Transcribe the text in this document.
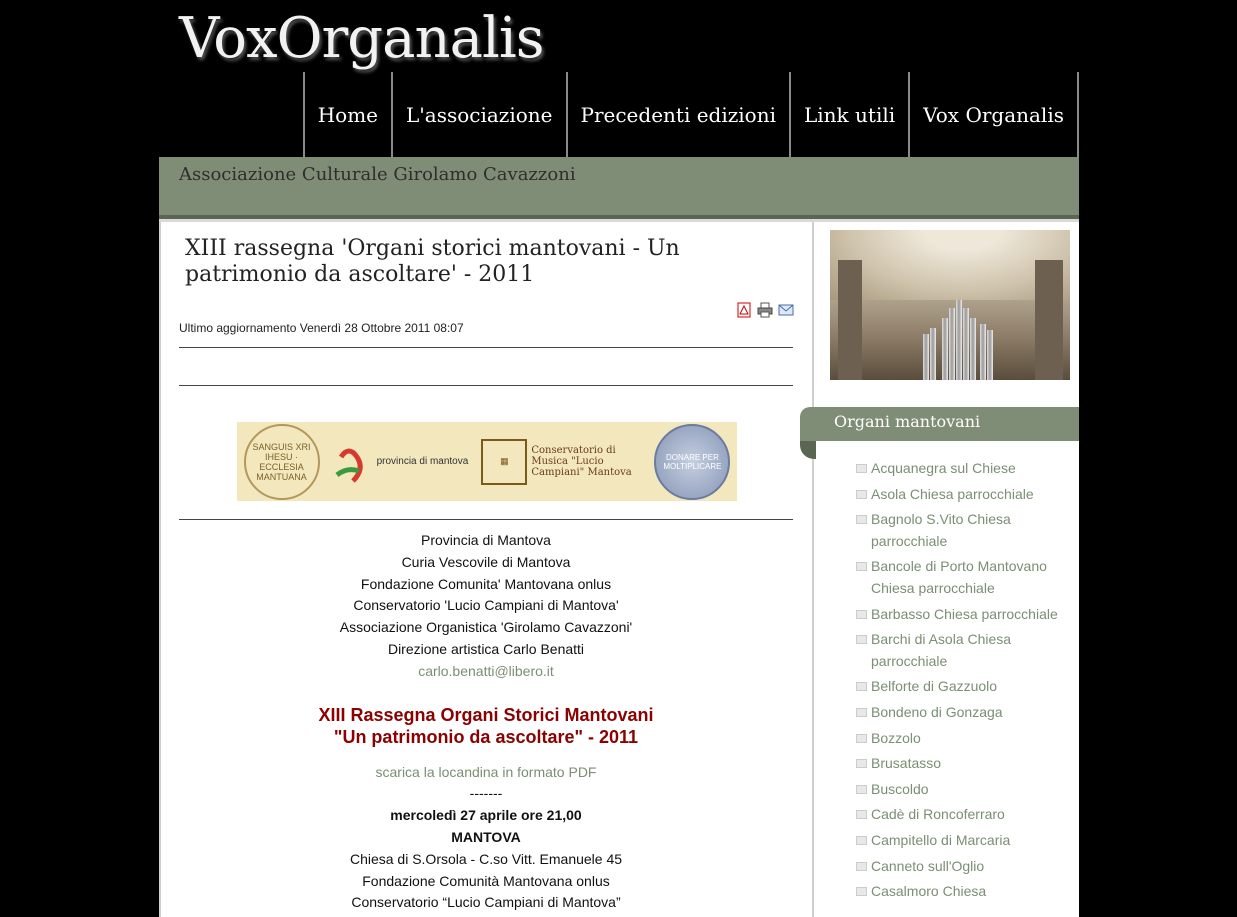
VoxOrganalis
Home	L'associazione	Precedenti edizioni	Link utili	Vox Organalis
Associazione Culturale Girolamo Cavazzoni
XIII rassegna 'Organi storici mantovani - Un patrimonio da ascoltare' - 2011
Ultimo aggiornamento Venerdì 28 Ottobre 2011 08:07
SANGUIS XRI IHESU · ECCLESIA MANTUANA
provincia di mantova	▦
Conservatorio di Musica "Lucio Campiani" Mantova
DONARE PER MOLTIPLICARE
Provincia di Mantova
Curia Vescovile di Mantova
Fondazione Comunita' Mantovana onlus
Conservatorio 'Lucio Campiani di Mantova'
Associazione Organistica 'Girolamo Cavazzoni'
Direzione artistica Carlo Benatti
carlo.benatti@libero.it
XIII Rassegna Organi Storici Mantovani
"Un patrimonio da ascoltare" - 2011
scarica la locandina in formato PDF
-------
mercoledì 27 aprile ore 21,00
MANTOVA
Chiesa di S.Orsola - C.so Vitt. Emanuele 45
Fondazione Comunità Mantovana onlus
Conservatorio “Lucio Campiani di Mantova”
Organi mantovani
Acquanegra sul Chiese
Asola Chiesa parrocchiale
Bagnolo S.Vito Chiesa parrocchiale
Bancole di Porto Mantovano Chiesa parrocchiale
Barbasso Chiesa parrocchiale
Barchi di Asola Chiesa parrocchiale
Belforte di Gazzuolo
Bondeno di Gonzaga
Bozzolo
Brusatasso
Buscoldo
Cadè di Roncoferraro
Campitello di Marcaria
Canneto sull'Oglio
Casalmoro Chiesa
